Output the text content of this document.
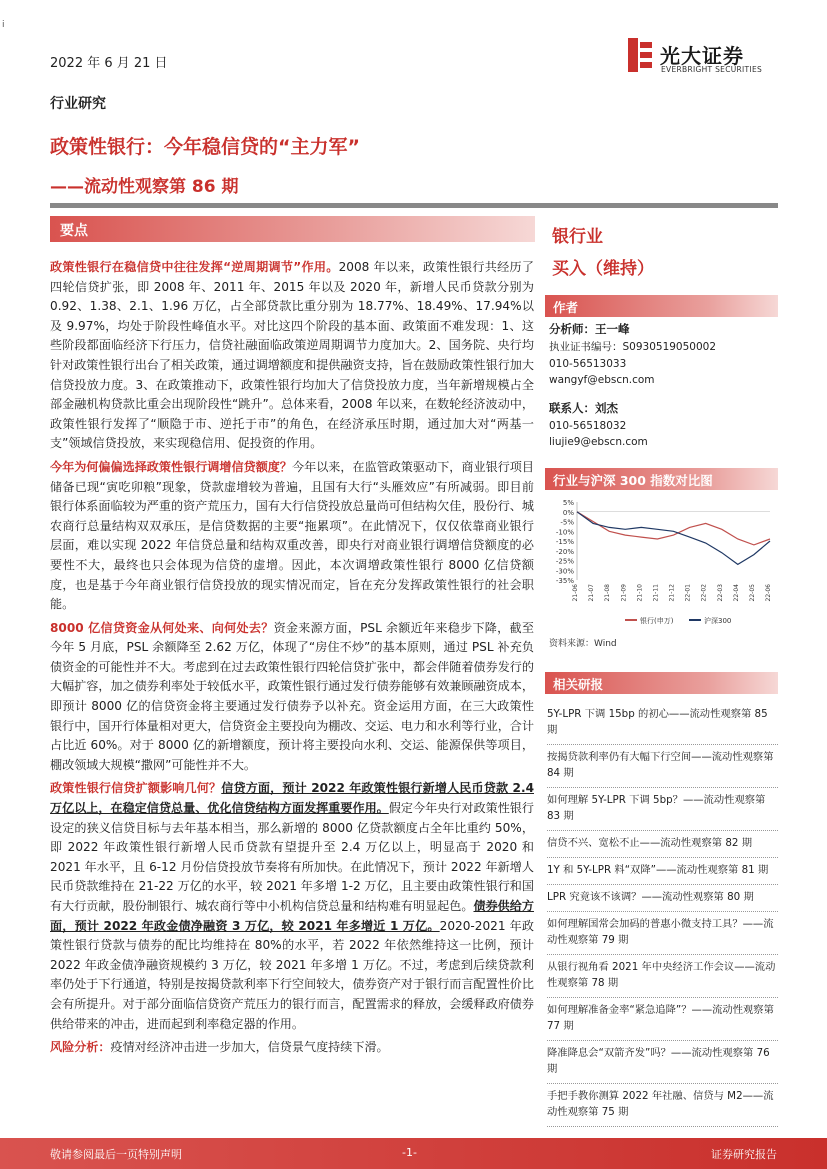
i
2022 年 6 月 21 日	光大证券
EVERBRIGHT SECURITIES
行业研究
政策性银行：今年稳信贷的“主力军”
——流动性观察第 86 期
要点

政策性银行在稳信贷中往往发挥“逆周期调节”作用。2008 年以来，政策性银行共经历了四轮信贷扩张，即 2008 年、2011 年、2015 年以及 2020 年，新增人民币贷款分别为 0.92、1.38、2.1、1.96 万亿，占全部贷款比重分别为 18.77%、18.49%、17.94%以及 9.97%，均处于阶段性峰值水平。对比这四个阶段的基本面、政策面不难发现：1、这些阶段都面临经济下行压力，信贷社融面临政策逆周期调节力度加大。2、国务院、央行均针对政策性银行出台了相关政策，通过调增额度和提供融资支持，旨在鼓励政策性银行加大信贷投放力度。3、在政策推动下，政策性银行均加大了信贷投放力度，当年新增规模占全部金融机构贷款比重会出现阶段性“跳升”。总体来看，2008 年以来，在数轮经济波动中，政策性银行发挥了“顺隐于市、逆托于市”的角色，在经济承压时期，通过加大对“两基一支”领域信贷投放，来实现稳信用、促投资的作用。

今年为何偏偏选择政策性银行调增信贷额度？今年以来，在监管政策驱动下，商业银行项目储备已现“寅吃卯粮”现象，贷款虚增较为普遍，且国有大行“头雁效应”有所减弱。即目前银行体系面临较为严重的资产荒压力，国有大行信贷投放总量尚可但结构欠佳，股份行、城农商行总量结构双双承压，是信贷数据的主要“拖累项”。在此情况下，仅仅依靠商业银行层面，难以实现 2022 年信贷总量和结构双重改善，即央行对商业银行调增信贷额度的必要性不大，最终也只会体现为信贷的虚增。因此，本次调增政策性银行 8000 亿信贷额度，也是基于今年商业银行信贷投放的现实情况而定，旨在充分发挥政策性银行的社会职能。

8000 亿信贷资金从何处来、向何处去？资金来源方面，PSL 余额近年来稳步下降，截至今年 5 月底，PSL 余额降至 2.62 万亿，体现了“房住不炒”的基本原则，通过 PSL 补充负债资金的可能性并不大。考虑到在过去政策性银行四轮信贷扩张中，都会伴随着债券发行的大幅扩容，加之债券利率处于较低水平，政策性银行通过发行债券能够有效兼顾融资成本，即预计 8000 亿的信贷资金将主要通过发行债券予以补充。资金运用方面，在三大政策性银行中，国开行体量相对更大，信贷资金主要投向为棚改、交运、电力和水利等行业，合计占比近 60%。对于 8000 亿的新增额度，预计将主要投向水利、交运、能源保供等项目，棚改领域大规模“撒网”可能性并不大。

政策性银行信贷扩额影响几何？信贷方面，预计 2022 年政策性银行新增人民币贷款 2.4 万亿以上，在稳定信贷总量、优化信贷结构方面发挥重要作用。假定今年央行对政策性银行设定的狭义信贷目标与去年基本相当，那么新增的 8000 亿贷款额度占全年比重约 50%，即 2022 年政策性银行新增人民币贷款有望提升至 2.4 万亿以上，明显高于 2020 和 2021 年水平，且 6-12 月份信贷投放节奏将有所加快。在此情况下，预计 2022 年新增人民币贷款维持在 21-22 万亿的水平，较 2021 年多增 1-2 万亿，且主要由政策性银行和国有大行贡献，股份制银行、城农商行等中小机构信贷总量和结构难有明显起色。债券供给方面，预计 2022 年政金债净融资 3 万亿，较 2021 年多增近 1 万亿。2020-2021 年政策性银行贷款与债券的配比均维持在 80%的水平，若 2022 年依然维持这一比例，预计 2022 年政金债净融资规模约 3 万亿，较 2021 年多增 1 万亿。不过，考虑到后续贷款利率仍处于下行通道，特别是按揭贷款利率下行空间较大，债券资产对于银行而言配置性价比会有所提升。对于部分面临信贷资产荒压力的银行而言，配置需求的释放，会缓释政府债券供给带来的冲击，进而起到利率稳定器的作用。

风险分析：疫情对经济冲击进一步加大，信贷景气度持续下滑。

银行业
买入（维持）
作者
分析师：王一峰
执业证书编号：S0930519050002
010-56513033
wangyf@ebscn.com
联系人：刘杰
010-56518032
liujie9@ebscn.com
行业与沪深 300 指数对比图
5%
0%
-5%
-10%
-15%
-20%
-25%
-30%
-35%
21-06 21-07 21-08 21-09 21-10 21-11 21-12 22-01 22-02 22-03 22-04 22-05 22-06
银行(申万)	沪深300
资料来源：Wind
相关研报
5Y-LPR 下调 15bp 的初心——流动性观察第 85 期
按揭贷款利率仍有大幅下行空间——流动性观察第 84 期
如何理解 5Y-LPR 下调 5bp？——流动性观察第 83 期
信贷不兴、宽松不止——流动性观察第 82 期
1Y 和 5Y-LPR 料“双降”——流动性观察第 81 期
LPR 究竟该不该调？——流动性观察第 80 期
如何理解国常会加码的普惠小微支持工具？——流动性观察第 79 期
从银行视角看 2021 年中央经济工作会议——流动性观察第 78 期
如何理解准备金率“紧急追降”？——流动性观察第 77 期
降准降息会“双箭齐发”吗？——流动性观察第 76 期
手把手教你测算 2022 年社融、信贷与 M2——流动性观察第 75 期
敬请参阅最后一页特别声明	-1-	证券研究报告
